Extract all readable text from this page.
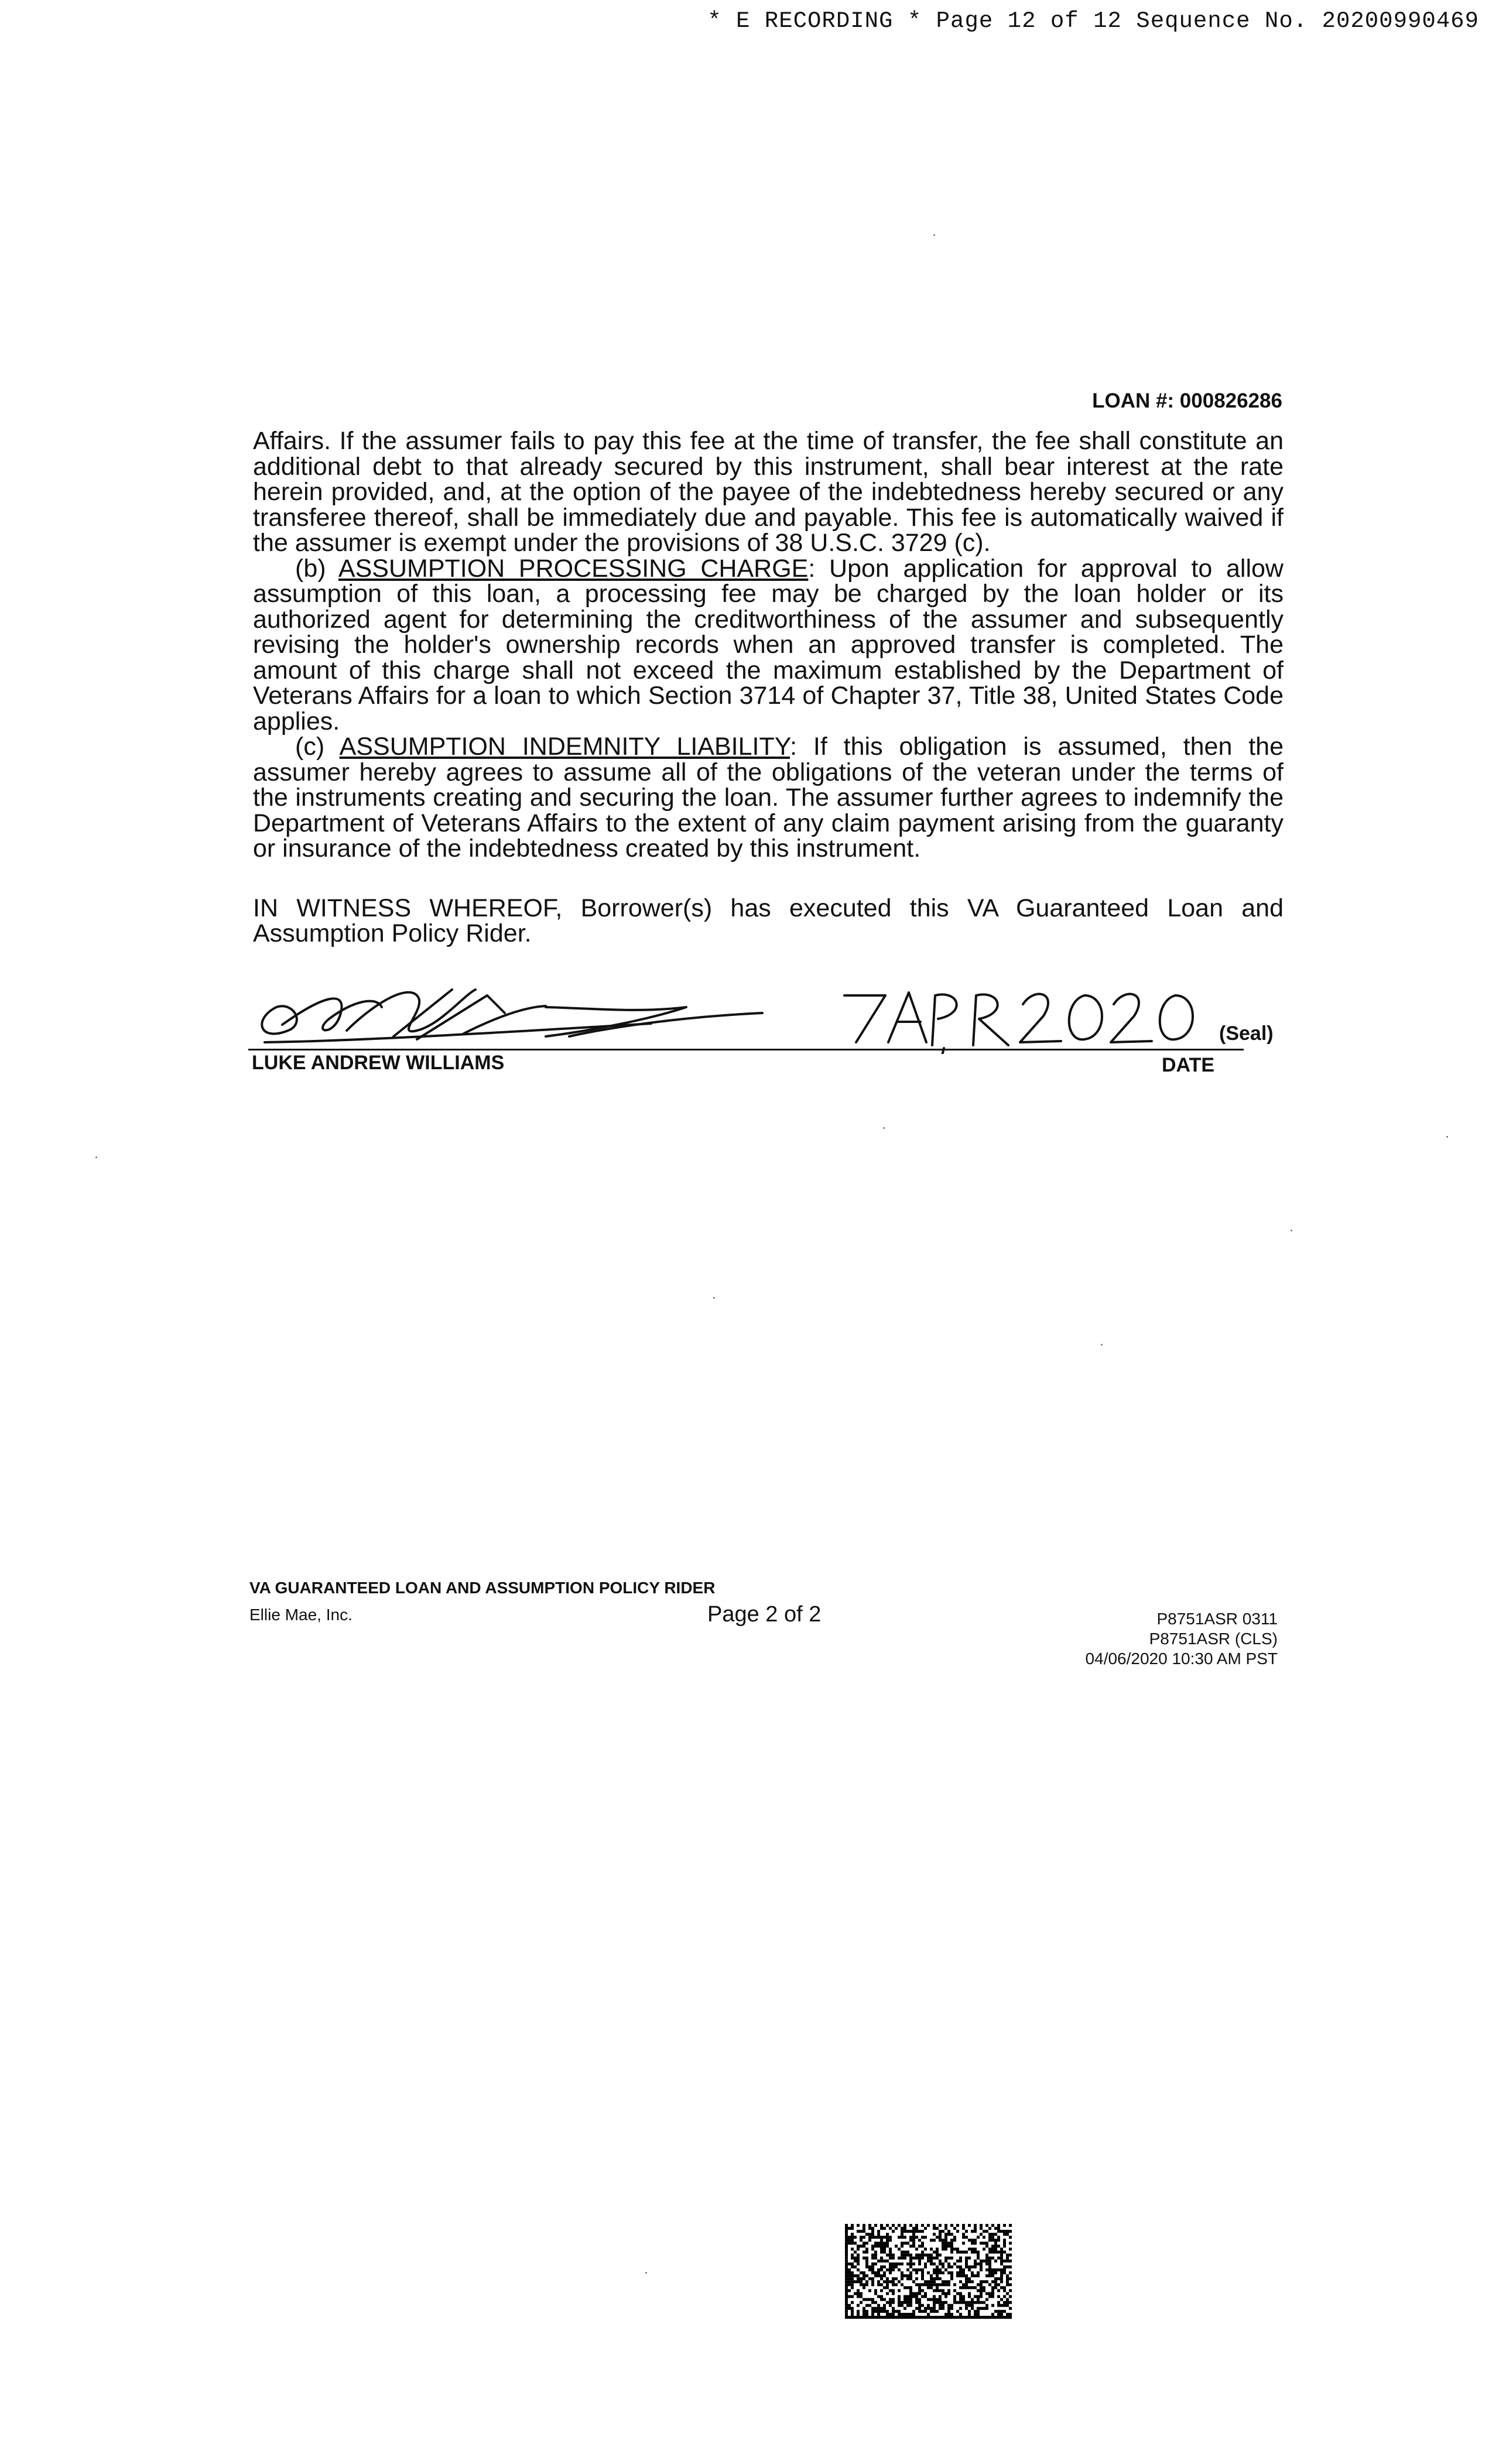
* E RECORDING * Page 12 of 12 Sequence No. 20200990469
LOAN #: 000826286

Affairs. If the assumer fails to pay this fee at the time of transfer, the fee shall constitute an additional debt to that already secured by this instrument, shall bear interest at the rate herein provided, and, at the option of the payee of the indebtedness hereby secured or any transferee thereof, shall be immediately due and payable. This fee is automatically waived if the assumer is exempt under the provisions of 38 U.S.C. 3729 (c).

(b) ASSUMPTION PROCESSING CHARGE: Upon application for approval to allow assumption of this loan, a processing fee may be charged by the loan holder or its authorized agent for determining the creditworthiness of the assumer and subsequently revising the holder's ownership records when an approved transfer is completed. The amount of this charge shall not exceed the maximum established by the Department of Veterans Affairs for a loan to which Section 3714 of Chapter 37, Title 38, United States Code applies.

(c) ASSUMPTION INDEMNITY LIABILITY: If this obligation is assumed, then the assumer hereby agrees to assume all of the obligations of the veteran under the terms of the instruments creating and securing the loan. The assumer further agrees to indemnify the Department of Veterans Affairs to the extent of any claim payment arising from the guaranty or insurance of the indebtedness created by this instrument.

IN WITNESS WHEREOF, Borrower(s) has executed this VA Guaranteed Loan and Assumption Policy Rider.

(Seal)
LUKE ANDREW WILLIAMS	DATE
VA GUARANTEED LOAN AND ASSUMPTION POLICY RIDER
Ellie Mae, Inc.	Page 2 of 2	P8751ASR 0311
P8751ASR (CLS)
04/06/2020 10:30 AM PST
